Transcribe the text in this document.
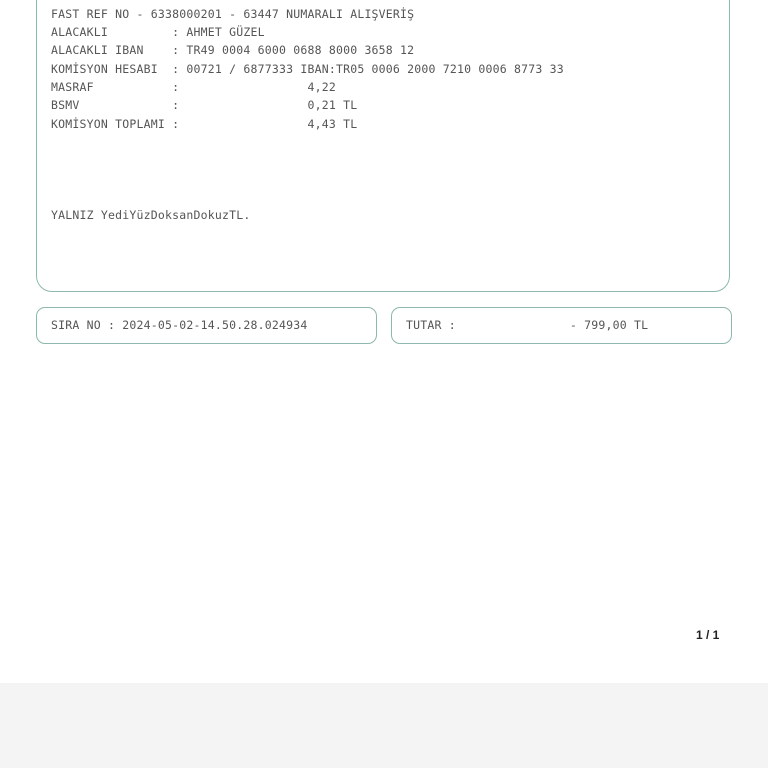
FAST REF NO - 6338000201 - 63447 NUMARALI ALIŞVERİŞ
ALACAKLI         : AHMET GÜZEL
ALACAKLI IBAN    : TR49 0004 6000 0688 8000 3658 12
KOMİSYON HESABI  : 00721 / 6877333 IBAN:TR05 0006 2000 7210 0006 8773 33
MASRAF           :                  4,22
BSMV             :                  0,21 TL
KOMİSYON TOPLAMI :                  4,43 TL
YALNIZ YediYüzDoksanDokuzTL.
SIRA NO : 2024-05-02-14.50.28.024934	TUTAR :                - 799,00 TL
1 / 1
